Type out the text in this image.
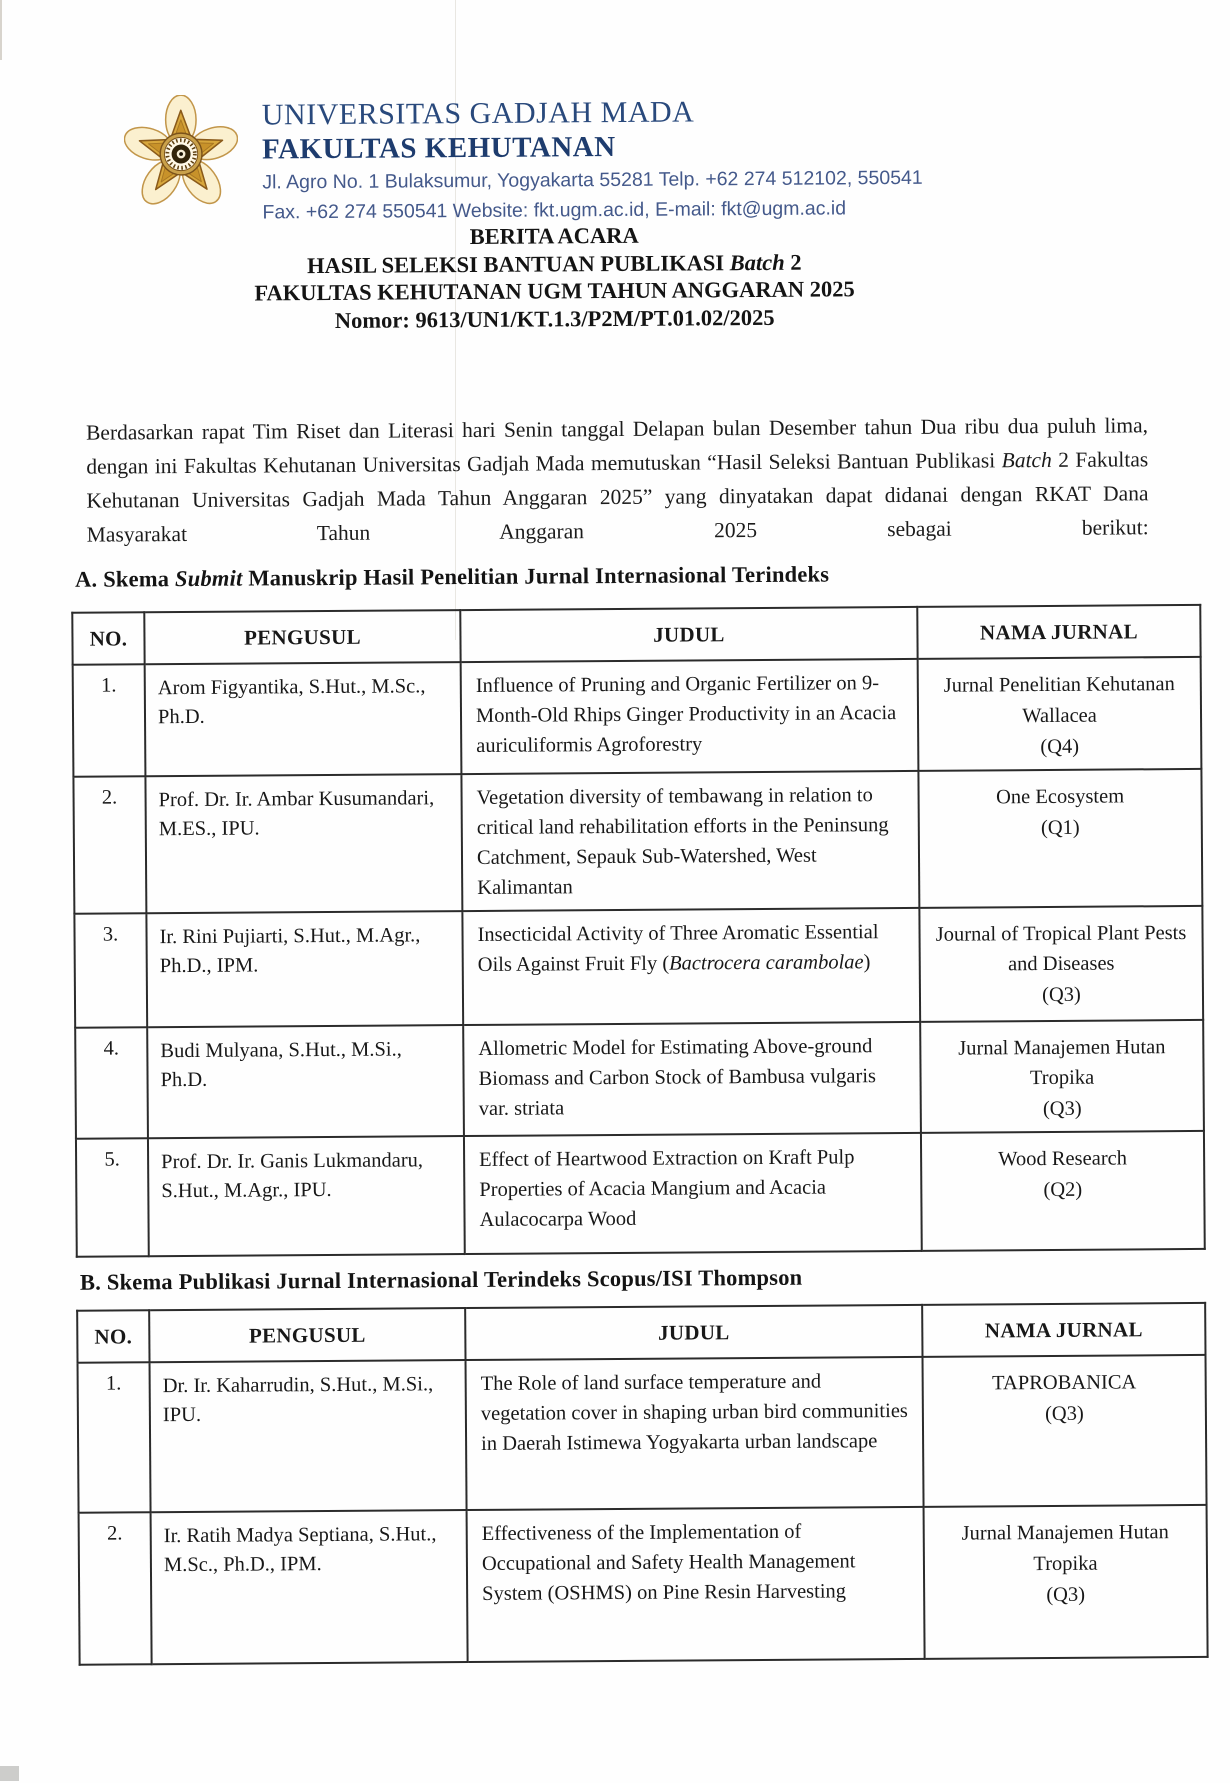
UNIVERSITAS GADJAH MADA
FAKULTAS KEHUTANAN
Jl. Agro No. 1 Bulaksumur, Yogyakarta 55281 Telp. +62 274 512102, 550541
Fax. +62 274 550541 Website: fkt.ugm.ac.id, E-mail: fkt@ugm.ac.id
BERITA ACARA
HASIL SELEKSI BANTUAN PUBLIKASI Batch 2
FAKULTAS KEHUTANAN UGM TAHUN ANGGARAN 2025
Nomor: 9613/UN1/KT.1.3/P2M/PT.01.02/2025

Berdasarkan rapat Tim Riset dan Literasi hari Senin tanggal Delapan bulan Desember tahun Dua ribu dua puluh lima, dengan ini Fakultas Kehutanan Universitas Gadjah Mada memutuskan “Hasil Seleksi Bantuan Publikasi Batch 2 Fakultas Kehutanan Universitas Gadjah Mada Tahun Anggaran 2025” yang dinyatakan dapat didanai dengan RKAT Dana Masyarakat Tahun Anggaran 2025 sebagai berikut:

A. Skema Submit Manuskrip Hasil Penelitian Jurnal Internasional Terindeks
NO.	PENGUSUL	JUDUL	NAMA JURNAL
1.	Arom Figyantika, S.Hut., M.Sc., Ph.D.	Influence of Pruning and Organic Fertilizer on 9-Month-Old Rhips Ginger Productivity in an Acacia auriculiformis Agroforestry	Jurnal Penelitian Kehutanan Wallacea
(Q4)

2.	Prof. Dr. Ir. Ambar Kusumandari, M.ES., IPU.	Vegetation diversity of tembawang in relation to critical land rehabilitation efforts in the Peninsung Catchment, Sepauk Sub-Watershed, West Kalimantan	One Ecosystem
(Q1)

3.	Ir. Rini Pujiarti, S.Hut., M.Agr., Ph.D., IPM.	Insecticidal Activity of Three Aromatic Essential Oils Against Fruit Fly (Bactrocera carambolae)	Journal of Tropical Plant Pests and Diseases
(Q3)

4.	Budi Mulyana, S.Hut., M.Si., Ph.D.	Allometric Model for Estimating Above-ground Biomass and Carbon Stock of Bambusa vulgaris var. striata	Jurnal Manajemen Hutan Tropika
(Q3)

5.	Prof. Dr. Ir. Ganis Lukmandaru, S.Hut., M.Agr., IPU.	Effect of Heartwood Extraction on Kraft Pulp Properties of Acacia Mangium and Acacia Aulacocarpa Wood	Wood Research
(Q2)
B. Skema Publikasi Jurnal Internasional Terindeks Scopus/ISI Thompson
NO.	PENGUSUL	JUDUL	NAMA JURNAL
1.	Dr. Ir. Kaharrudin, S.Hut., M.Si., IPU.	The Role of land surface temperature and vegetation cover in shaping urban bird communities in Daerah Istimewa Yogyakarta urban landscape	TAPROBANICA
(Q3)

2.	Ir. Ratih Madya Septiana, S.Hut., M.Sc., Ph.D., IPM.	Effectiveness of the Implementation of Occupational and Safety Health Management System (OSHMS) on Pine Resin Harvesting	Jurnal Manajemen Hutan Tropika
(Q3)
